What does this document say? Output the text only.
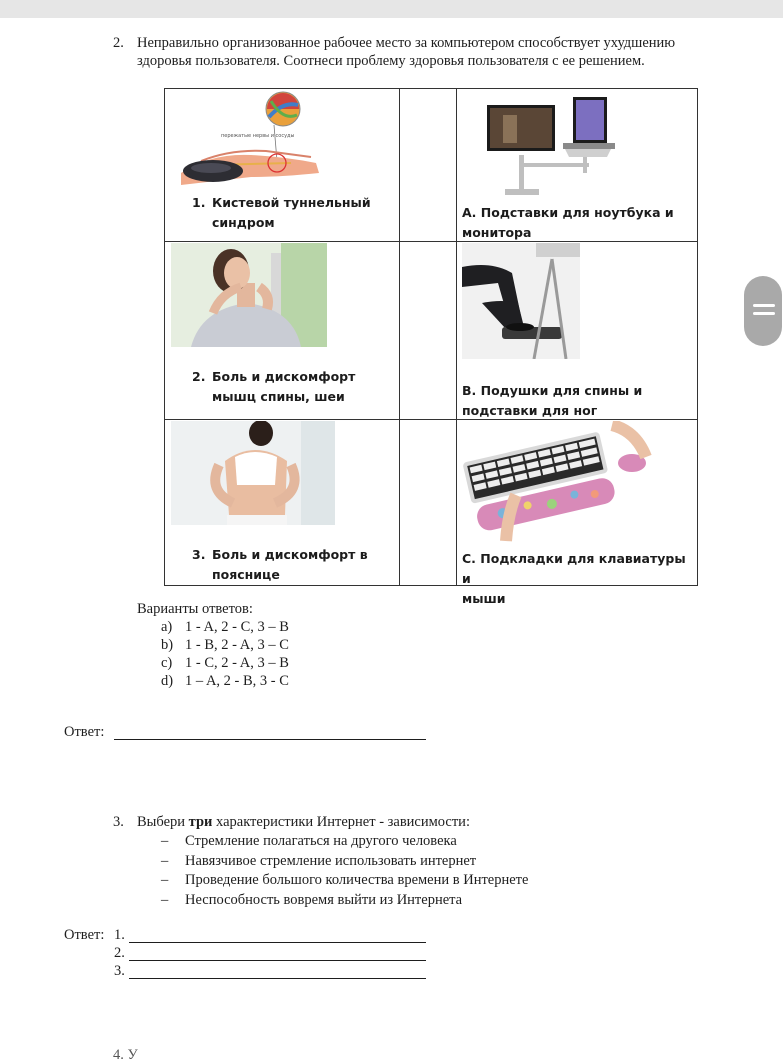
2. Неправильно организованное рабочее место за компьютером способствует ухудшению
здоровья пользователя. Соотнеси проблему здоровья пользователя с ее решением.
пережатые нервы и сосуды
1. Кистевой туннельный
синдром
А. Подставки для ноутбука и
монитора
2. Боль и дискомфорт
мышц спины, шеи	В. Подушки для спины и
подставки для ног
3. Боль и дискомфорт в
пояснице
С. Подкладки для клавиатуры и
мыши
Варианты ответов:
a) 1 - A, 2 - C, 3 – B
b) 1 - B, 2 - A, 3 – C
c) 1 - C, 2 - A, 3 – B
d) 1 – A, 2 - B, 3 - C
Ответ:
3. Выбери три характеристики Интернет - зависимости:
– Стремление полагаться на другого человека
– Навязчивое стремление использовать интернет
– Проведение большого количества времени в Интернете
– Неспособность вовремя выйти из Интернета
Ответ: 1.
2.
3.
4. У
